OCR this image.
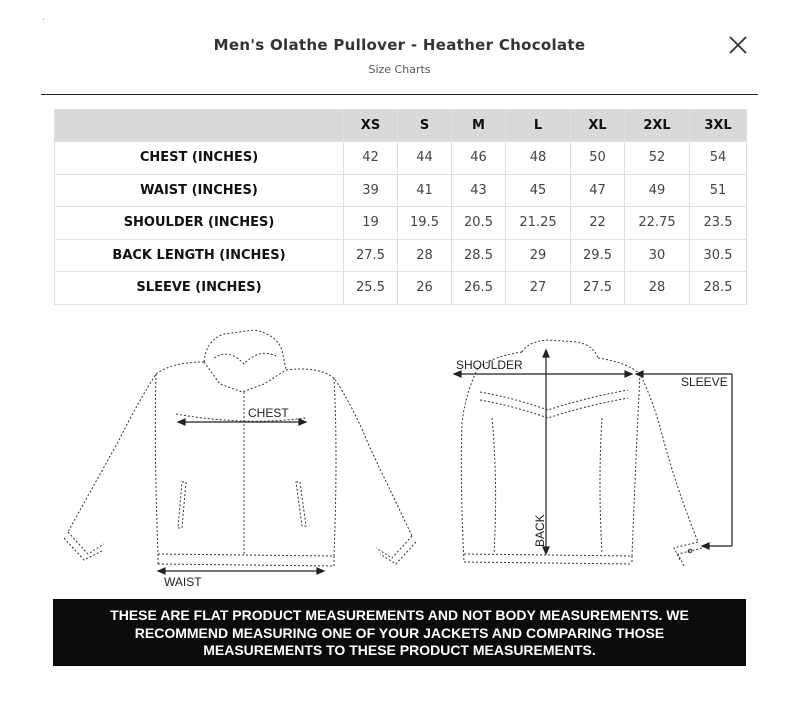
Men's Olathe Pullover - Heather Chocolate
Size Charts
	XS	S	M	L	XL	2XL	3XL
CHEST (INCHES)	42	44	46	48	50	52	54
WAIST (INCHES)	39	41	43	45	47	49	51
SHOULDER (INCHES)	19	19.5	20.5	21.25	22	22.75	23.5
BACK LENGTH (INCHES)	27.5	28	28.5	29	29.5	30	30.5
SLEEVE (INCHES)	25.5	26	26.5	27	27.5	28	28.5
CHEST
WAIST
SHOULDER
SLEEVE
BACK
THESE ARE FLAT PRODUCT MEASUREMENTS AND NOT BODY MEASUREMENTS. WE RECOMMEND MEASURING ONE OF YOUR JACKETS AND COMPARING THOSE MEASUREMENTS TO THESE PRODUCT MEASUREMENTS.
